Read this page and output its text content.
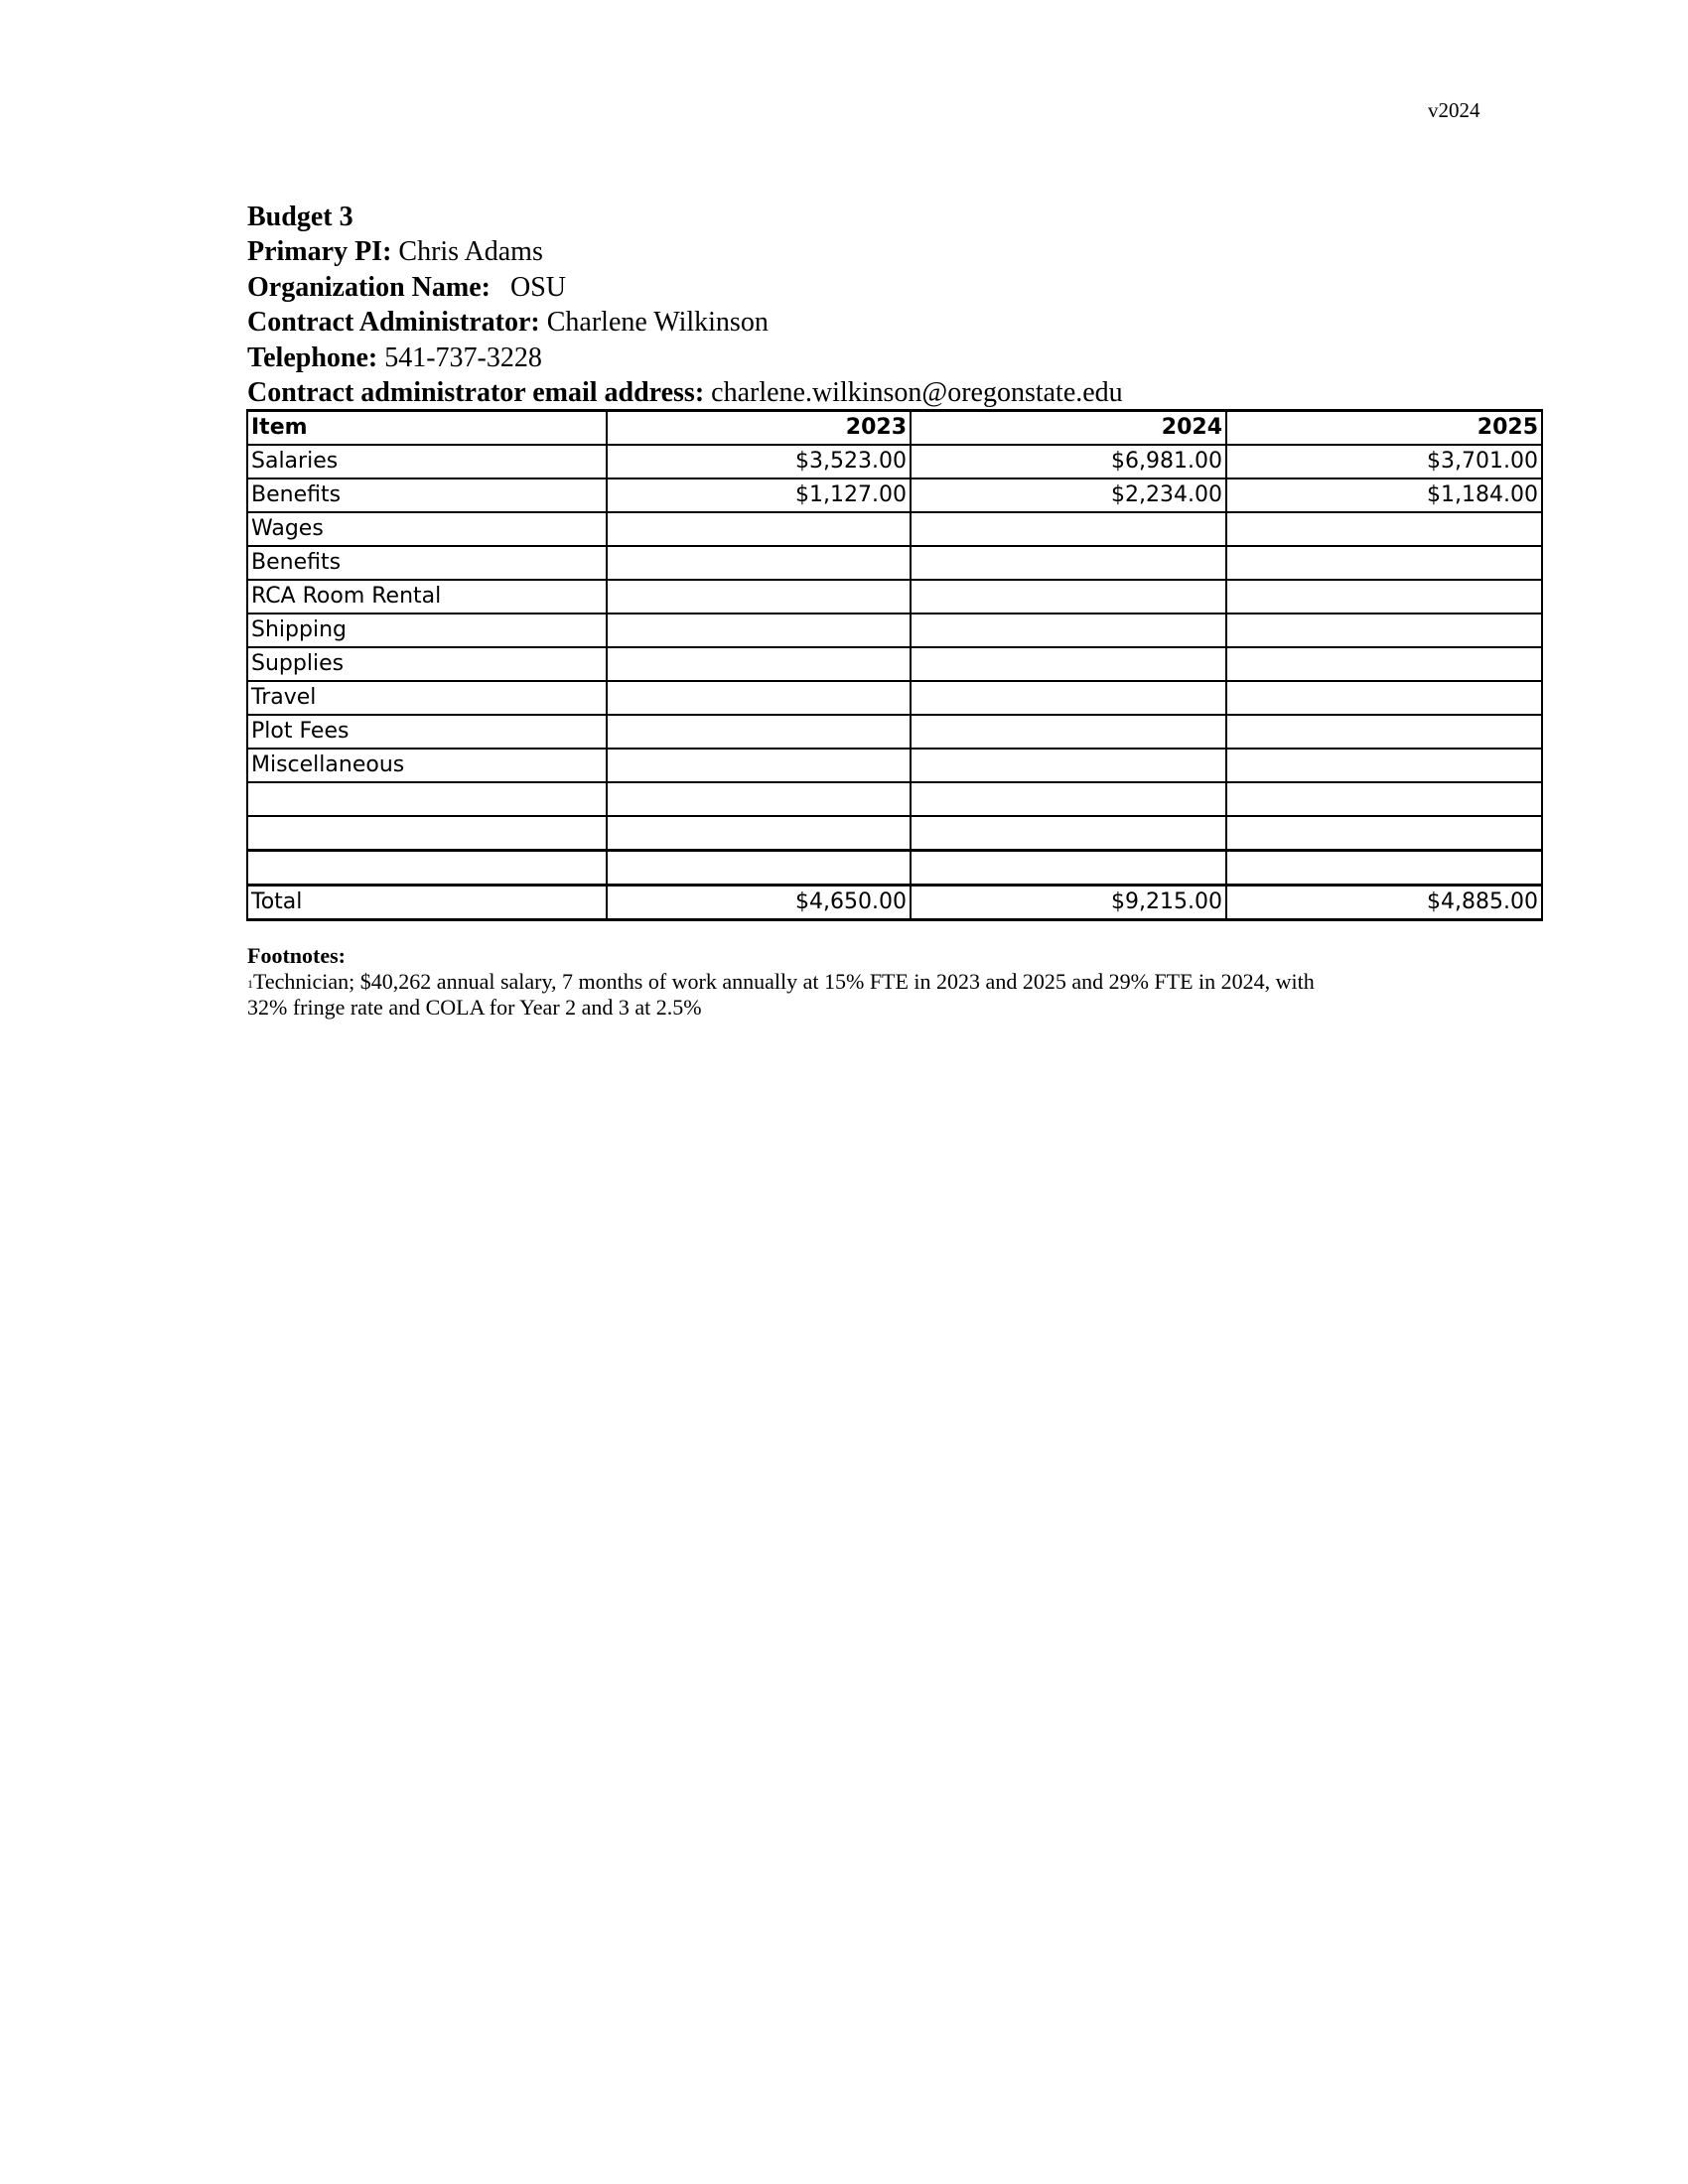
v2024
Budget 3
Primary PI: Chris Adams
Organization Name: OSU
Contract Administrator: Charlene Wilkinson
Telephone: 541-737-3228
Contract administrator email address: charlene.wilkinson@oregonstate.edu
Item	2023	2024	2025
Salaries	$3,523.00	$6,981.00	$3,701.00
Benefits	$1,127.00	$2,234.00	$1,184.00
Wages			
Benefits			
RCA Room Rental			
Shipping			
Supplies			
Travel			
Plot Fees			
Miscellaneous			

Total	$4,650.00	$9,215.00	$4,885.00
Footnotes:
$^1$Technician; $40,262 annual salary, 7 months of work annually at 15% FTE in 2023 and 2025 and 29% FTE in 2024, with
32% fringe rate and COLA for Year 2 and 3 at 2.5%
